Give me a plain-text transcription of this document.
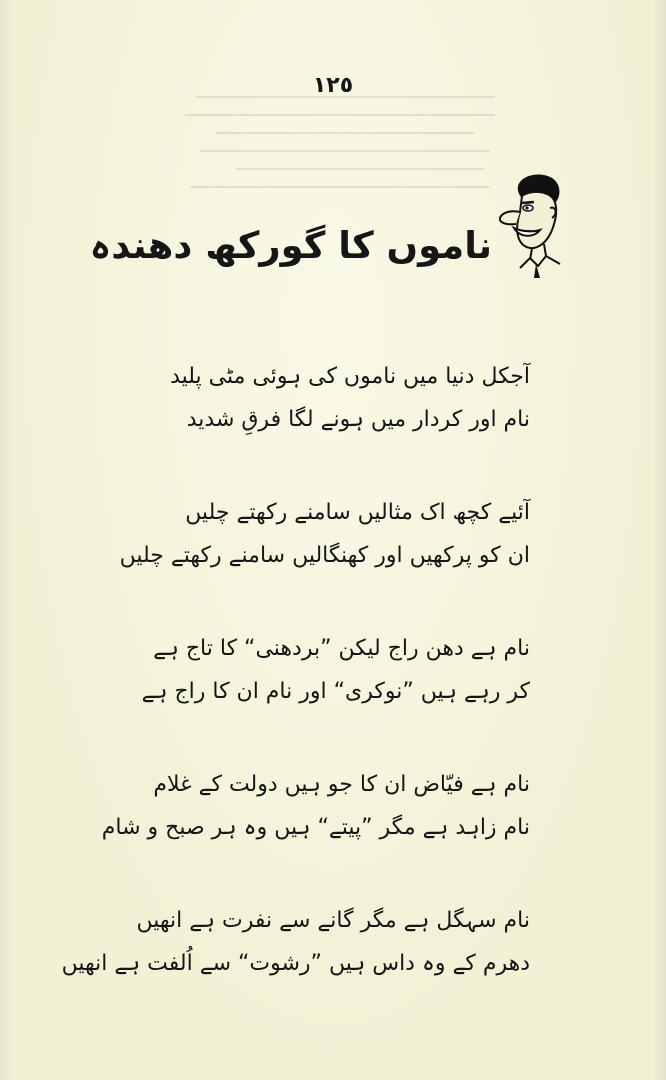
١٢٥
ناموں کا گورکھ دھندہ
آجکل دنیا میں ناموں کی ہوئی مٹی پلید
نام اور کردار میں ہونے لگا فرقِ شدید
آئیے کچھ اک مثالیں سامنے رکھتے چلیں
ان کو پرکھیں اور کھنگالیں سامنے رکھتے چلیں
نام ہے دھن راج لیکن ”بردھنی“ کا تاج ہے
کر رہے ہیں ”نوکری“ اور نام ان کا راج ہے
نام ہے فیّاض ان کا جو ہیں دولت کے غلام
نام زاہد ہے مگر ”پیتے“ ہیں وہ ہر صبح و شام
نام سہگل ہے مگر گانے سے نفرت ہے انھیں
دھرم کے وہ داس ہیں ”رشوت“ سے اُلفت ہے انھیں
